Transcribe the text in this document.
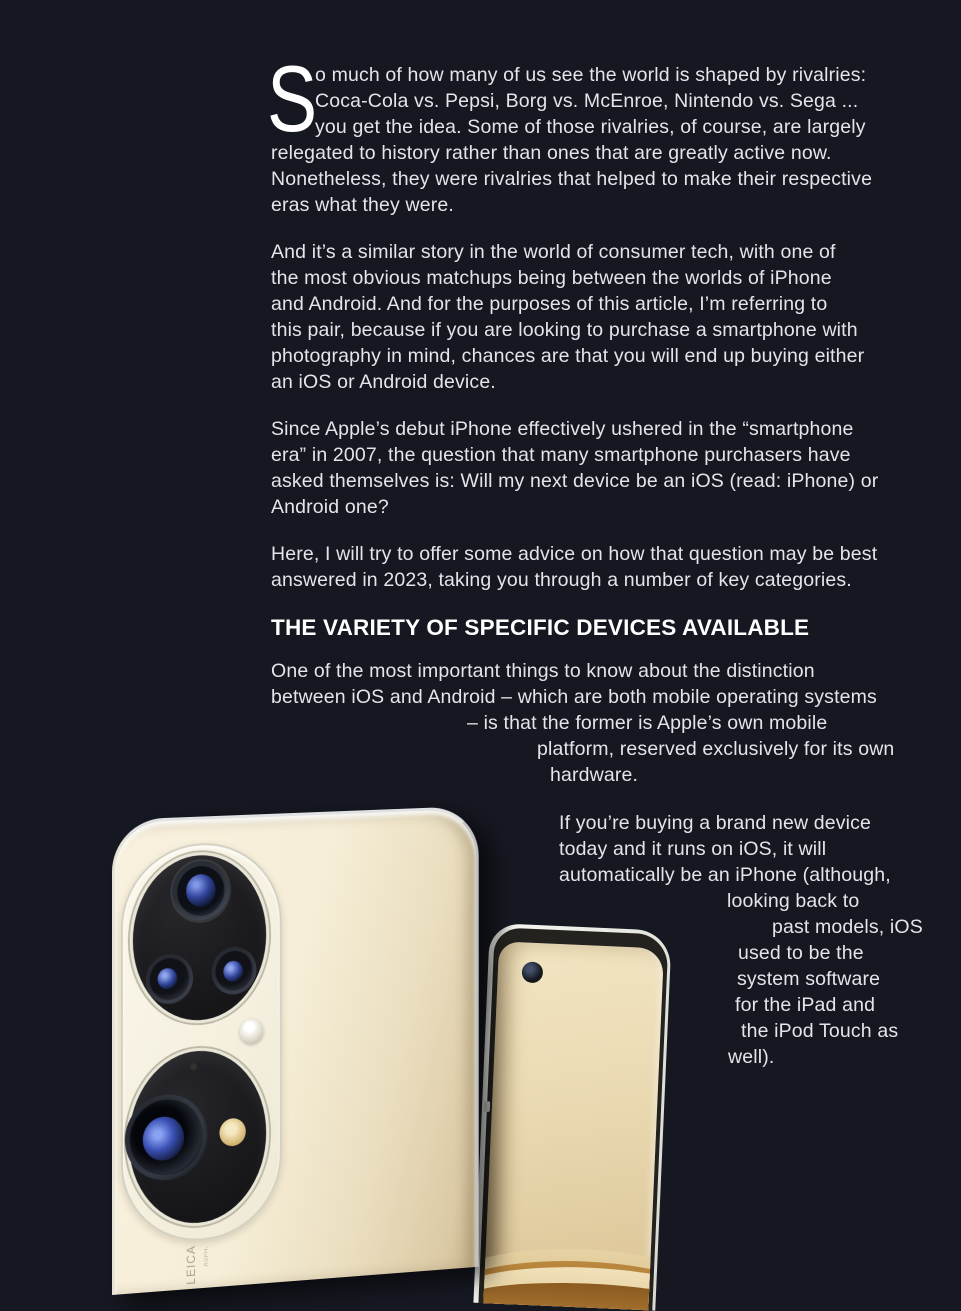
S
o much of how many of us see the world is shaped by rivalries:
Coca-Cola vs. Pepsi, Borg vs. McEnroe, Nintendo vs. Sega ...
you get the idea. Some of those rivalries, of course, are largely
relegated to history rather than ones that are greatly active now.
Nonetheless, they were rivalries that helped to make their respective
eras what they were.
And it’s a similar story in the world of consumer tech, with one of
the most obvious matchups being between the worlds of iPhone
and Android. And for the purposes of this article, I’m referring to
this pair, because if you are looking to purchase a smartphone with
photography in mind, chances are that you will end up buying either
an iOS or Android device.
Since Apple’s debut iPhone effectively ushered in the “smartphone
era” in 2007, the question that many smartphone purchasers have
asked themselves is: Will my next device be an iOS (read: iPhone) or
Android one?
Here, I will try to offer some advice on how that question may be best
answered in 2023, taking you through a number of key categories.
THE VARIETY OF SPECIFIC DEVICES AVAILABLE
One of the most important things to know about the distinction
between iOS and Android – which are both mobile operating systems
– is that the former is Apple’s own mobile
platform, reserved exclusively for its own
hardware.
If you’re buying a brand new device
today and it runs on iOS, it will
automatically be an iPhone (although,
looking back to
past models, iOS
used to be the
system software
for the iPad and
the iPod Touch as
well).
LEICA ASPH.
